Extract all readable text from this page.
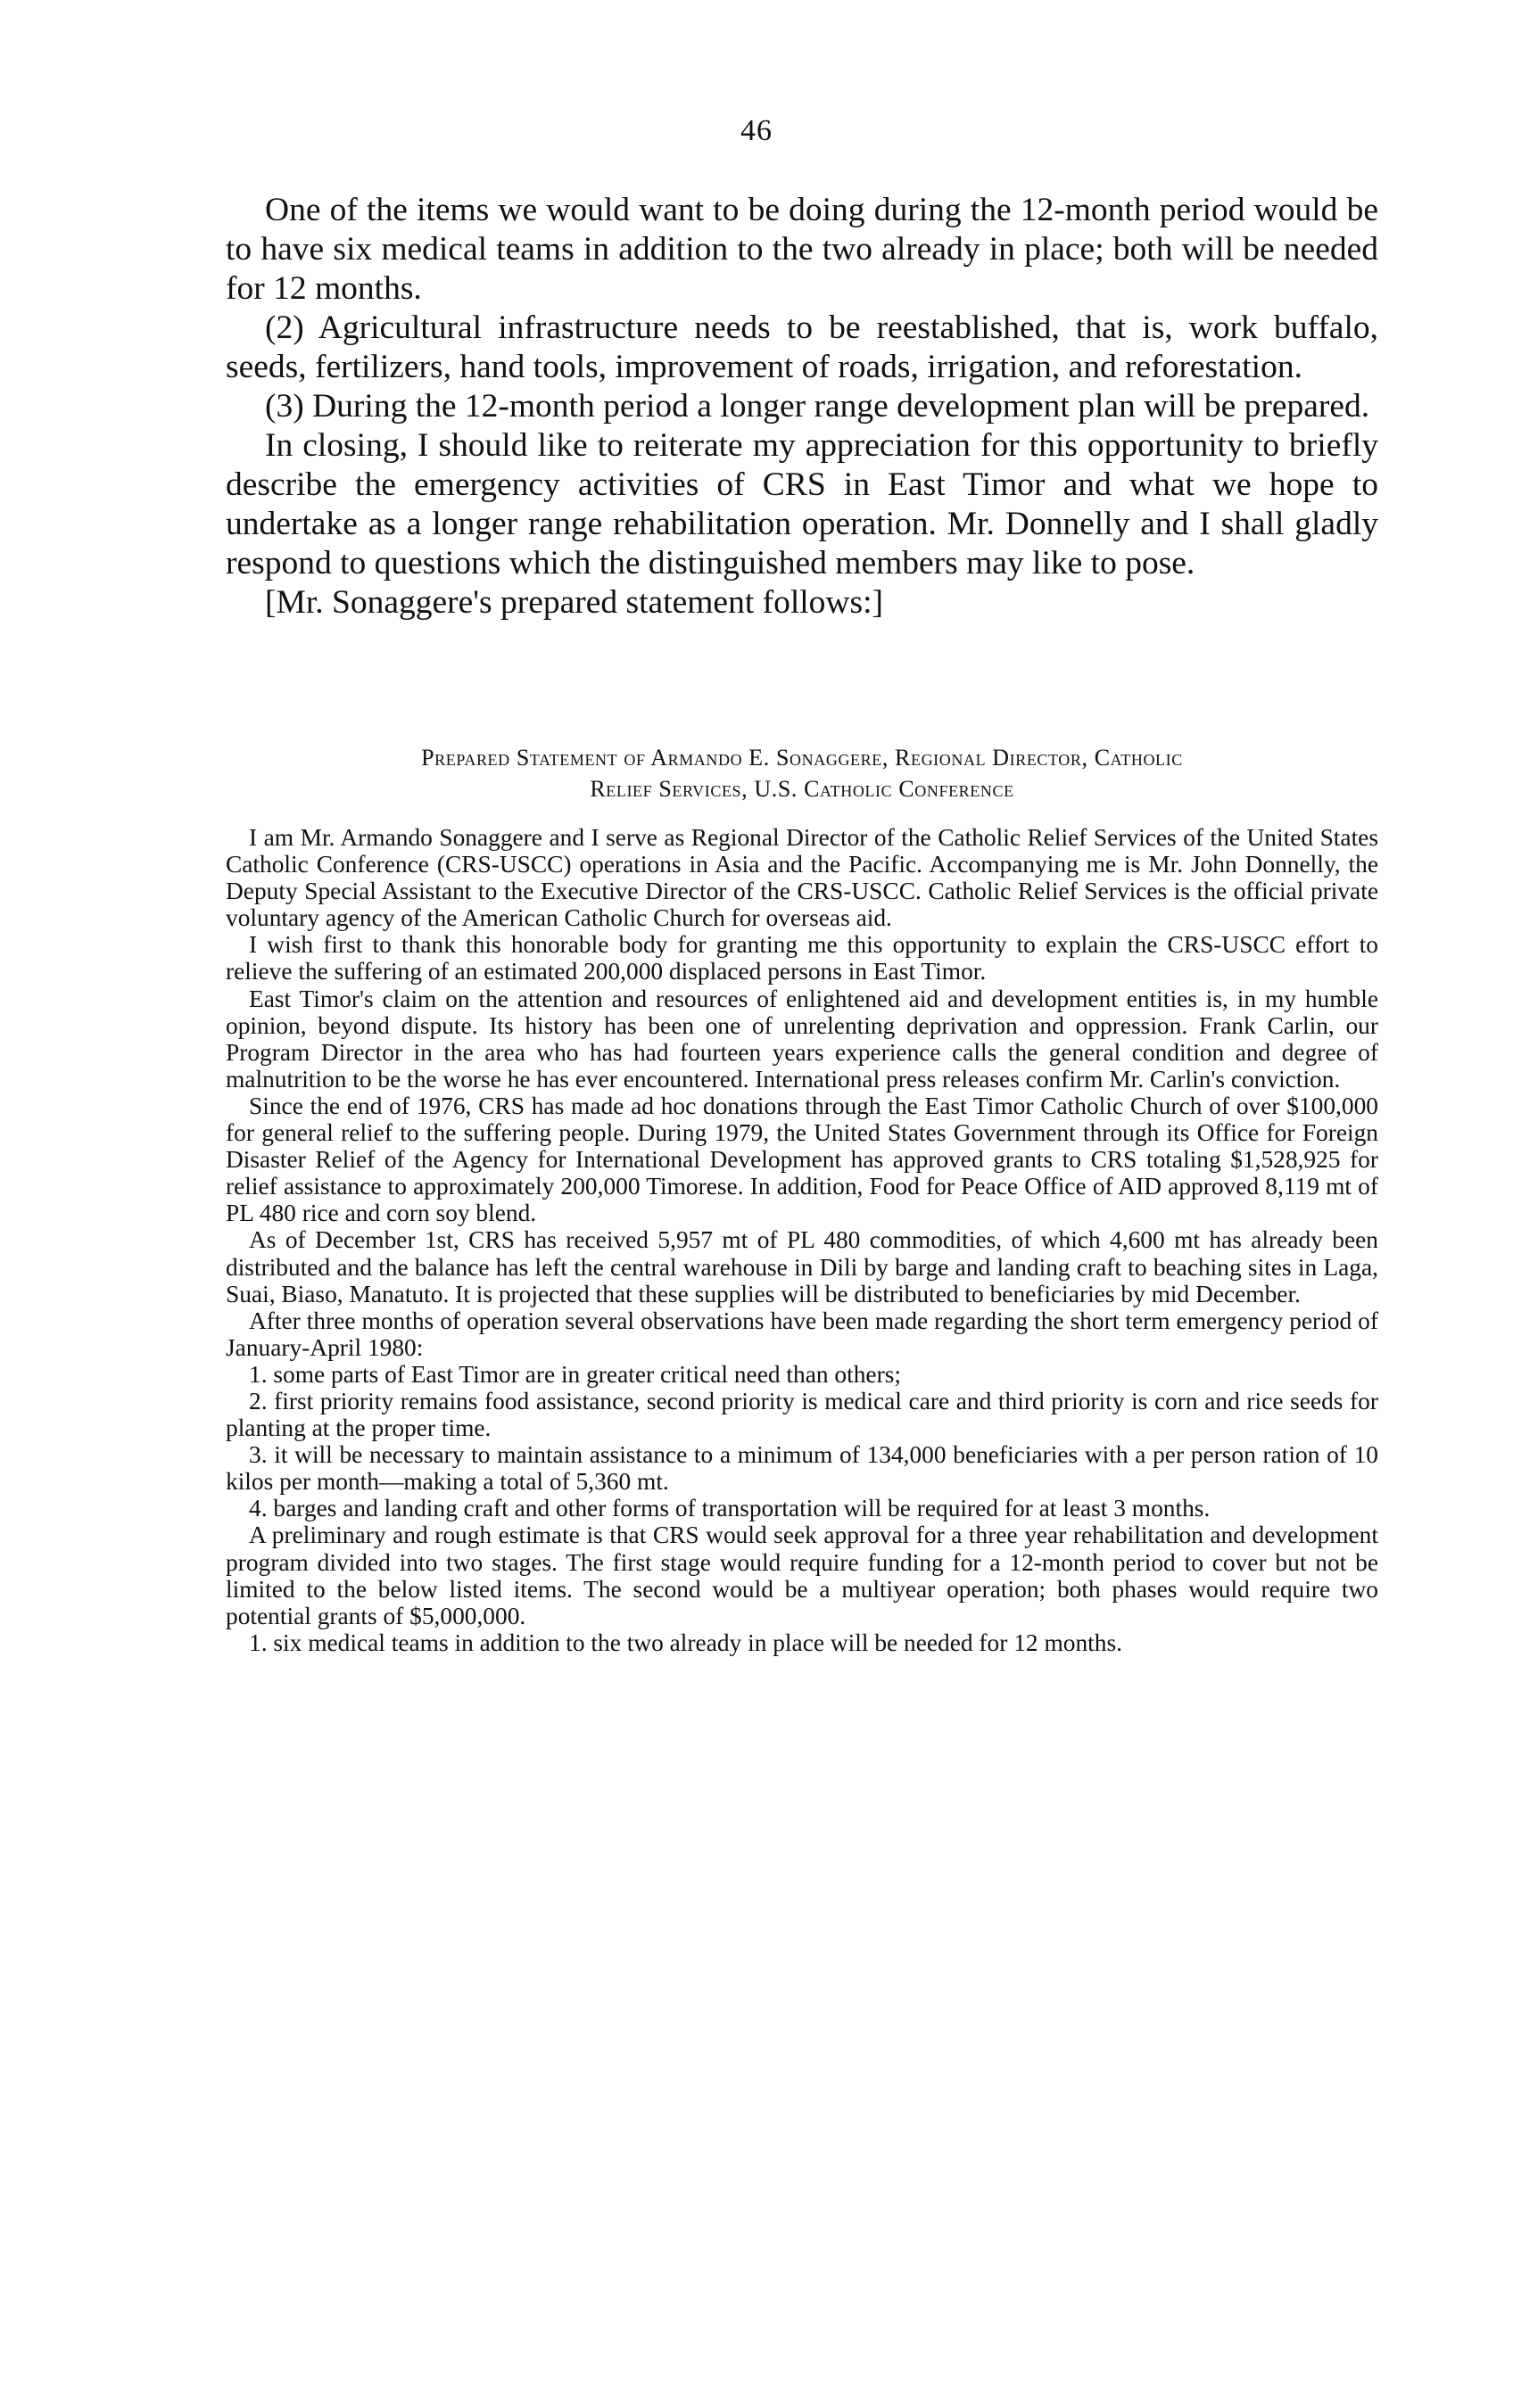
46

One of the items we would want to be doing during the 12-month period would be to have six medical teams in addition to the two already in place; both will be needed for 12 months.

(2) Agricultural infrastructure needs to be reestablished, that is, work buffalo, seeds, fertilizers, hand tools, improvement of roads, irrigation, and reforestation.

(3) During the 12-month period a longer range development plan will be prepared.

In closing, I should like to reiterate my appreciation for this opportunity to briefly describe the emergency activities of CRS in East Timor and what we hope to undertake as a longer range rehabilitation operation. Mr. Donnelly and I shall gladly respond to questions which the distinguished members may like to pose.

[Mr. Sonaggere's prepared statement follows:]

Prepared Statement of Armando E. Sonaggere, Regional Director, Catholic
Relief Services, U.S. Catholic Conference

I am Mr. Armando Sonaggere and I serve as Regional Director of the Catholic Relief Services of the United States Catholic Conference (CRS-USCC) operations in Asia and the Pacific. Accompanying me is Mr. John Donnelly, the Deputy Special Assistant to the Executive Director of the CRS-USCC. Catholic Relief Services is the official private voluntary agency of the American Catholic Church for overseas aid.

I wish first to thank this honorable body for granting me this opportunity to explain the CRS-USCC effort to relieve the suffering of an estimated 200,000 displaced persons in East Timor.

East Timor's claim on the attention and resources of enlightened aid and development entities is, in my humble opinion, beyond dispute. Its history has been one of unrelenting deprivation and oppression. Frank Carlin, our Program Director in the area who has had fourteen years experience calls the general condition and degree of malnutrition to be the worse he has ever encountered. International press releases confirm Mr. Carlin's conviction.

Since the end of 1976, CRS has made ad hoc donations through the East Timor Catholic Church of over $100,000 for general relief to the suffering people. During 1979, the United States Government through its Office for Foreign Disaster Relief of the Agency for International Development has approved grants to CRS totaling $1,528,925 for relief assistance to approximately 200,000 Timorese. In addition, Food for Peace Office of AID approved 8,119 mt of PL 480 rice and corn soy blend.

As of December 1st, CRS has received 5,957 mt of PL 480 commodities, of which 4,600 mt has already been distributed and the balance has left the central warehouse in Dili by barge and landing craft to beaching sites in Laga, Suai, Biaso, Manatuto. It is projected that these supplies will be distributed to beneficiaries by mid December.

After three months of operation several observations have been made regarding the short term emergency period of January-April 1980:

1. some parts of East Timor are in greater critical need than others;

2. first priority remains food assistance, second priority is medical care and third priority is corn and rice seeds for planting at the proper time.

3. it will be necessary to maintain assistance to a minimum of 134,000 beneficiaries with a per person ration of 10 kilos per month—making a total of 5,360 mt.

4. barges and landing craft and other forms of transportation will be required for at least 3 months.

A preliminary and rough estimate is that CRS would seek approval for a three year rehabilitation and development program divided into two stages. The first stage would require funding for a 12-month period to cover but not be limited to the below listed items. The second would be a multiyear operation; both phases would require two potential grants of $5,000,000.

1. six medical teams in addition to the two already in place will be needed for 12 months.
